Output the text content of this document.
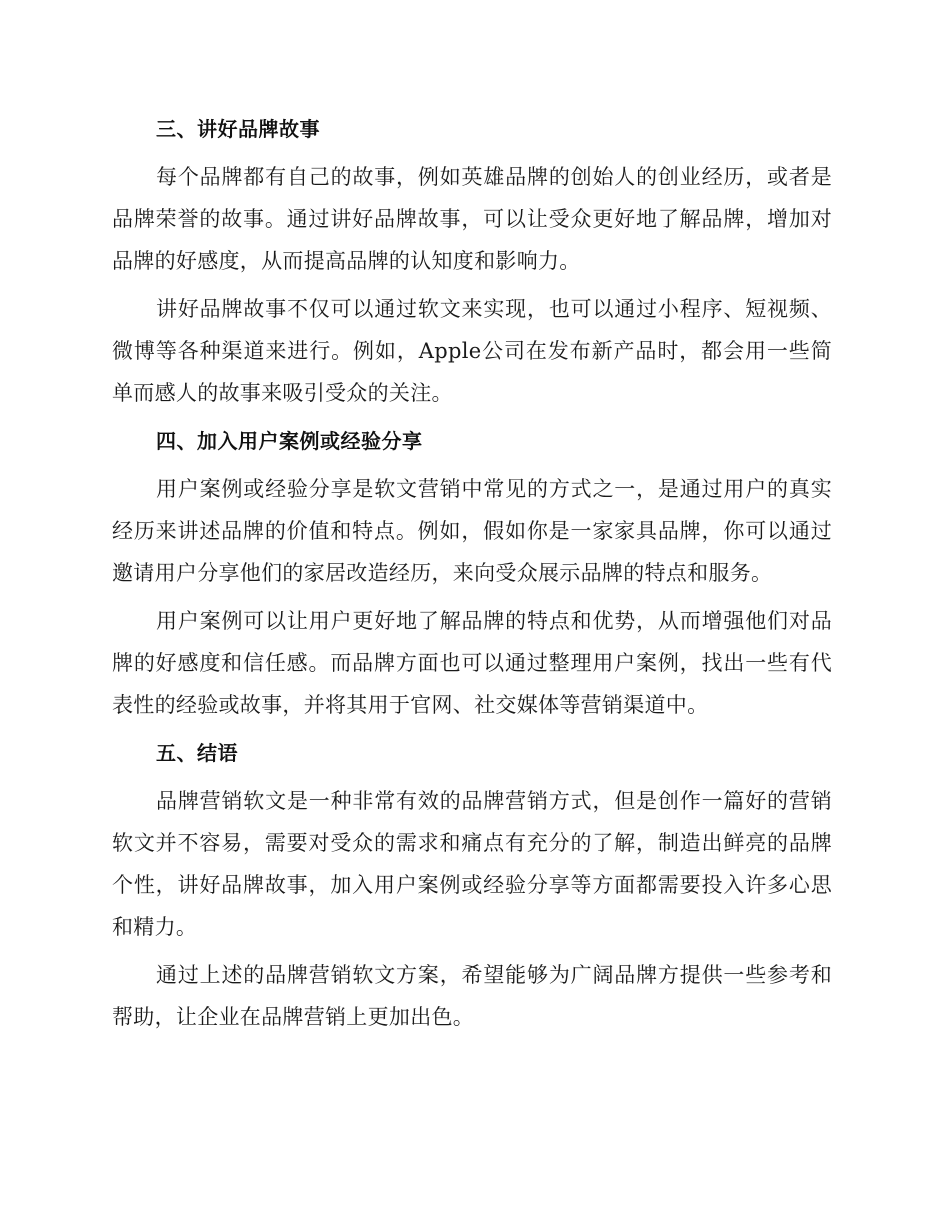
三、讲好品牌故事

每个品牌都有自己的故事，例如英雄品牌的创始人的创业经历，或者是品牌荣誉的故事。通过讲好品牌故事，可以让受众更好地了解品牌，增加对品牌的好感度，从而提高品牌的认知度和影响力。

讲好品牌故事不仅可以通过软文来实现，也可以通过小程序、短视频、微博等各种渠道来进行。例如，Apple公司在发布新产品时，都会用一些简单而感人的故事来吸引受众的关注。

四、加入用户案例或经验分享

用户案例或经验分享是软文营销中常见的方式之一，是通过用户的真实经历来讲述品牌的价值和特点。例如，假如你是一家家具品牌，你可以通过邀请用户分享他们的家居改造经历，来向受众展示品牌的特点和服务。

用户案例可以让用户更好地了解品牌的特点和优势，从而增强他们对品牌的好感度和信任感。而品牌方面也可以通过整理用户案例，找出一些有代表性的经验或故事，并将其用于官网、社交媒体等营销渠道中。

五、结语

品牌营销软文是一种非常有效的品牌营销方式，但是创作一篇好的营销软文并不容易，需要对受众的需求和痛点有充分的了解，制造出鲜亮的品牌个性，讲好品牌故事，加入用户案例或经验分享等方面都需要投入许多心思和精力。

通过上述的品牌营销软文方案，希望能够为广阔品牌方提供一些参考和帮助，让企业在品牌营销上更加出色。
